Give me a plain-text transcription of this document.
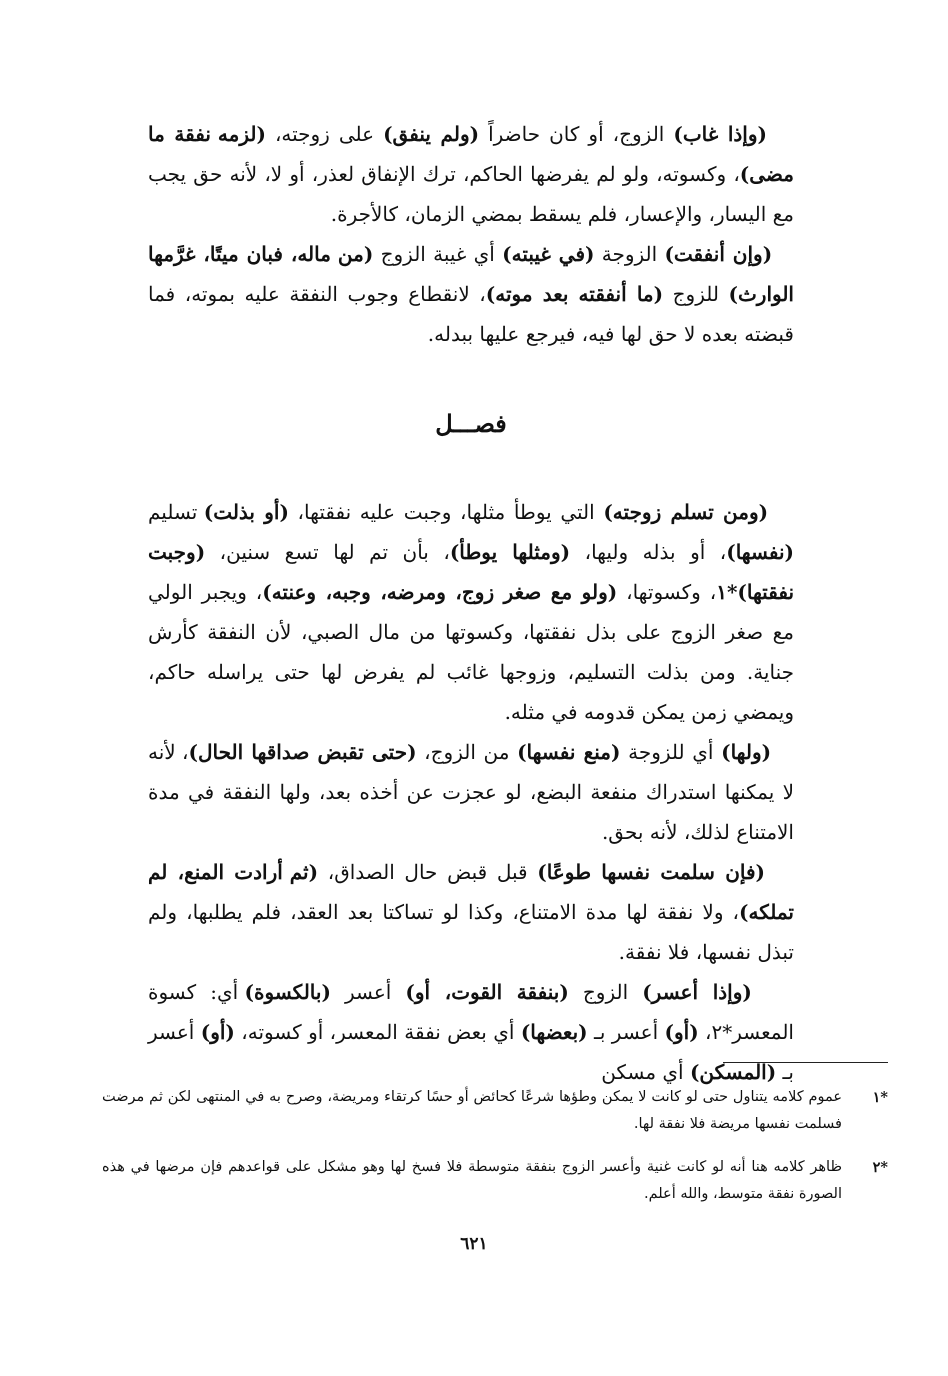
(وإذا غاب) الزوج، أو كان حاضراً (ولم ينفق) على زوجته، (لزمه نفقة ما مضى)، وكسوته، ولو لم يفرضها الحاكم، ترك الإنفاق لعذر، أو لا، لأنه حق يجب مع اليسار، والإعسار، فلم يسقط بمضي الزمان، كالأجرة.

(وإن أنفقت) الزوجة (في غيبته) أي غيبة الزوج (من ماله، فبان ميتًا، غرَّمها الوارث) للزوج (ما أنفقته بعد موته)، لانقطاع وجوب النفقة عليه بموته، فما قبضته بعده لا حق لها فيه، فيرجع عليها ببدله.

فصـــل

(ومن تسلم زوجته) التي يوطأ مثلها، وجبت عليه نفقتها، (أو بذلت) تسليم (نفسها)، أو بذله وليها، (ومثلها يوطأ)، بأن تم لها تسع سنين، (وجبت نفقتها)*١، وكسوتها، (ولو مع صغر زوج، ومرضه، وجبه، وعنته)، ويجبر الولي مع صغر الزوج على بذل نفقتها، وكسوتها من مال الصبي، لأن النفقة كأرش جناية. ومن بذلت التسليم، وزوجها غائب لم يفرض لها حتى يراسله حاكم، ويمضي زمن يمكن قدومه في مثله.

(ولها) أي للزوجة (منع نفسها) من الزوج، (حتى تقبض صداقها الحال)، لأنه لا يمكنها استدراك منفعة البضع، لو عجزت عن أخذه بعد، ولها النفقة في مدة الامتناع لذلك، لأنه بحق.

(فإن سلمت نفسها طوعًا) قبل قبض حال الصداق، (ثم أرادت المنع، لم تملكه)، ولا نفقة لها مدة الامتناع، وكذا لو تساكتا بعد العقد، فلم يطلبها، ولم تبذل نفسها، فلا نفقة.

(وإذا أعسر) الزوج (بنفقة القوت، أو) أعسر (بالكسوة) أي: كسوة المعسر*٢، (أو) أعسر بـ (بعضها) أي بعض نفقة المعسر، أو كسوته، (أو) أعسر بـ (المسكن) أي مسكن

*١
عموم كلامه يتناول حتى لو كانت لا يمكن وطؤها شرعًا كحائض أو حسًا كرتقاء ومريضة، وصرح به في المنتهى لكن ثم مرضت فسلمت نفسها مريضة فلا نفقة لها.

*٢
ظاهر كلامه هنا أنه لو كانت غنية وأعسر الزوج بنفقة متوسطة فلا فسخ لها وهو مشكل على قواعدهم فإن مرضها في هذه الصورة نفقة متوسط، والله أعلم.

٦٢١
